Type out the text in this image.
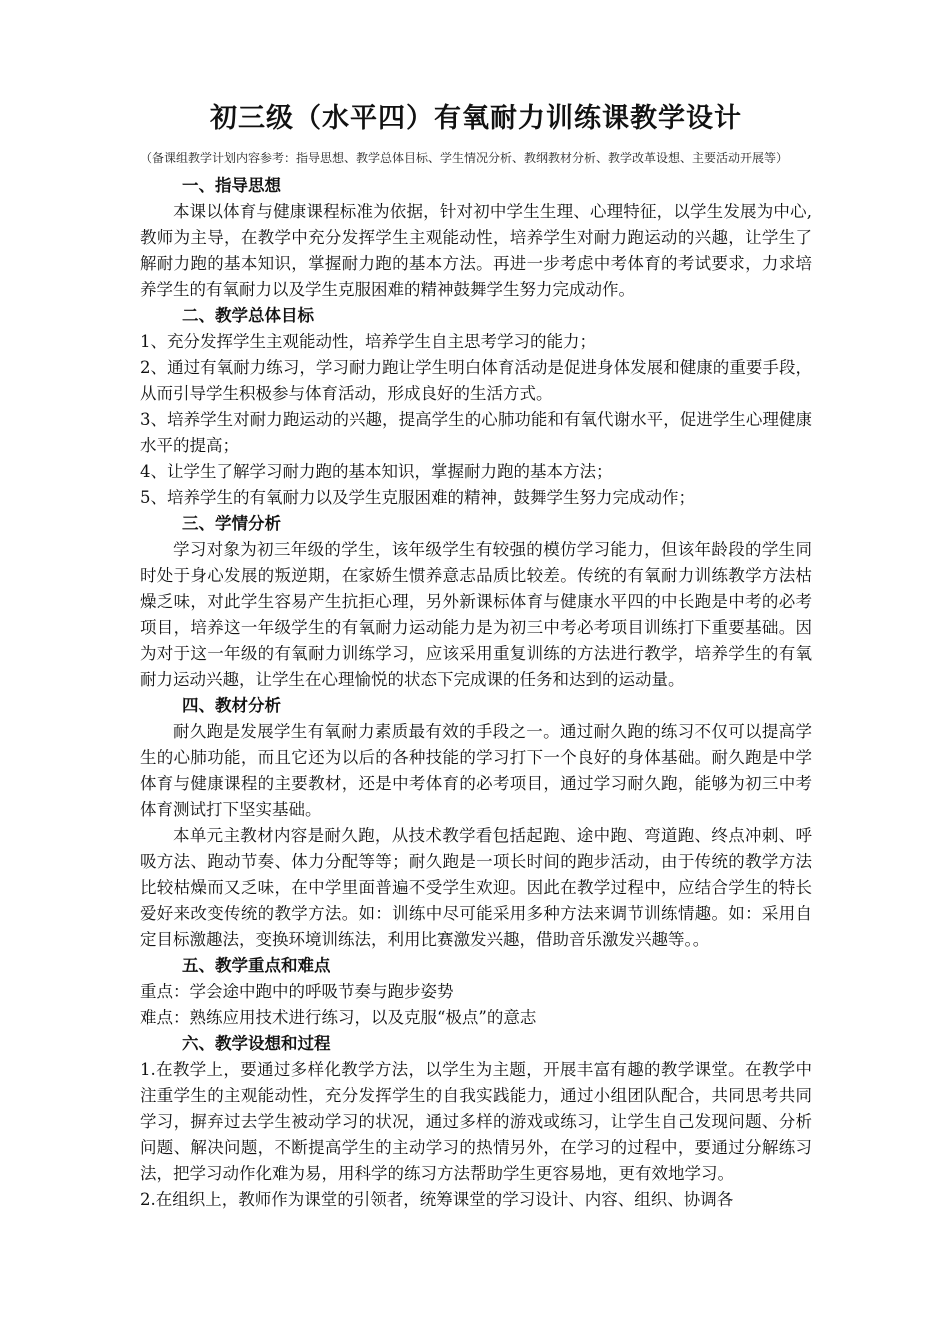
初三级（水平四）有氧耐力训练课教学设计

（备课组教学计划内容参考：指导思想、教学总体目标、学生情况分析、教纲教材分析、教学改革设想、主要活动开展等）

一、指导思想

本课以体育与健康课程标准为依据，针对初中学生生理、心理特征，以学生发展为中心,教师为主导，在教学中充分发挥学生主观能动性，培养学生对耐力跑运动的兴趣，让学生了解耐力跑的基本知识，掌握耐力跑的基本方法。再进一步考虑中考体育的考试要求，力求培养学生的有氧耐力以及学生克服困难的精神鼓舞学生努力完成动作。

二、教学总体目标

1、充分发挥学生主观能动性，培养学生自主思考学习的能力；

2、通过有氧耐力练习，学习耐力跑让学生明白体育活动是促进身体发展和健康的重要手段，从而引导学生积极参与体育活动，形成良好的生活方式。

3、培养学生对耐力跑运动的兴趣，提高学生的心肺功能和有氧代谢水平，促进学生心理健康水平的提高；

4、让学生了解学习耐力跑的基本知识，掌握耐力跑的基本方法；

5、培养学生的有氧耐力以及学生克服困难的精神，鼓舞学生努力完成动作；

三、学情分析

学习对象为初三年级的学生，该年级学生有较强的模仿学习能力，但该年龄段的学生同时处于身心发展的叛逆期，在家娇生惯养意志品质比较差。传统的有氧耐力训练教学方法枯燥乏味，对此学生容易产生抗拒心理，另外新课标体育与健康水平四的中长跑是中考的必考项目，培养这一年级学生的有氧耐力运动能力是为初三中考必考项目训练打下重要基础。因为对于这一年级的有氧耐力训练学习，应该采用重复训练的方法进行教学，培养学生的有氧耐力运动兴趣，让学生在心理愉悦的状态下完成课的任务和达到的运动量。

四、教材分析

耐久跑是发展学生有氧耐力素质最有效的手段之一。通过耐久跑的练习不仅可以提高学生的心肺功能，而且它还为以后的各种技能的学习打下一个良好的身体基础。耐久跑是中学体育与健康课程的主要教材，还是中考体育的必考项目，通过学习耐久跑，能够为初三中考体育测试打下坚实基础。

本单元主教材内容是耐久跑，从技术教学看包括起跑、途中跑、弯道跑、终点冲刺、呼吸方法、跑动节奏、体力分配等等；耐久跑是一项长时间的跑步活动，由于传统的教学方法比较枯燥而又乏味，在中学里面普遍不受学生欢迎。因此在教学过程中，应结合学生的特长爱好来改变传统的教学方法。如：训练中尽可能采用多种方法来调节训练情趣。如：采用自定目标激趣法，变换环境训练法，利用比赛激发兴趣，借助音乐激发兴趣等。。

五、教学重点和难点

重点：学会途中跑中的呼吸节奏与跑步姿势

难点：熟练应用技术进行练习，以及克服“极点”的意志

六、教学设想和过程

1.在教学上，要通过多样化教学方法，以学生为主题，开展丰富有趣的教学课堂。在教学中注重学生的主观能动性，充分发挥学生的自我实践能力，通过小组团队配合，共同思考共同学习，摒弃过去学生被动学习的状况，通过多样的游戏或练习，让学生自己发现问题、分析问题、解决问题，不断提高学生的主动学习的热情另外，在学习的过程中，要通过分解练习法，把学习动作化难为易，用科学的练习方法帮助学生更容易地，更有效地学习。

2.在组织上，教师作为课堂的引领者，统筹课堂的学习设计、内容、组织、协调各
